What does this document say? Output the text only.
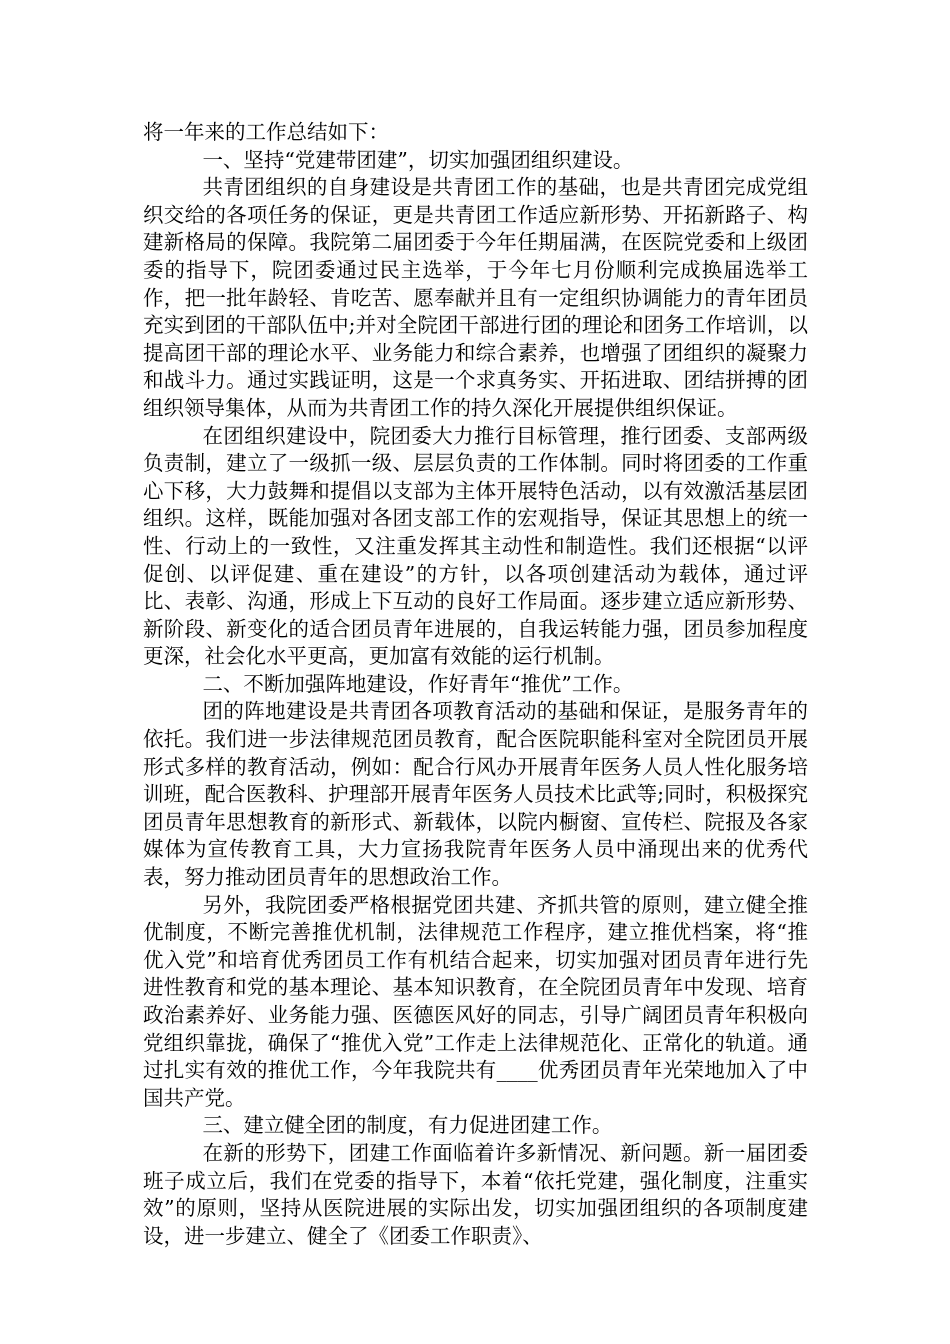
将一年来的工作总结如下：

一、坚持“党建带团建”，切实加强团组织建设。

共青团组织的自身建设是共青团工作的基础，也是共青团完成党组织交给的各项任务的保证，更是共青团工作适应新形势、开拓新路子、构建新格局的保障。我院第二届团委于今年任期届满，在医院党委和上级团委的指导下，院团委通过民主选举，于今年七月份顺利完成换届选举工作，把一批年龄轻、肯吃苦、愿奉献并且有一定组织协调能力的青年团员充实到团的干部队伍中;并对全院团干部进行团的理论和团务工作培训，以提高团干部的理论水平、业务能力和综合素养，也增强了团组织的凝聚力和战斗力。通过实践证明，这是一个求真务实、开拓进取、团结拼搏的团组织领导集体，从而为共青团工作的持久深化开展提供组织保证。

在团组织建设中，院团委大力推行目标管理，推行团委、支部两级负责制，建立了一级抓一级、层层负责的工作体制。同时将团委的工作重心下移，大力鼓舞和提倡以支部为主体开展特色活动，以有效激活基层团组织。这样，既能加强对各团支部工作的宏观指导，保证其思想上的统一性、行动上的一致性，又注重发挥其主动性和制造性。我们还根据“以评促创、以评促建、重在建设”的方针，以各项创建活动为载体，通过评比、表彰、沟通，形成上下互动的良好工作局面。逐步建立适应新形势、新阶段、新变化的适合团员青年进展的，自我运转能力强，团员参加程度更深，社会化水平更高，更加富有效能的运行机制。

二、不断加强阵地建设，作好青年“推优”工作。

团的阵地建设是共青团各项教育活动的基础和保证，是服务青年的依托。我们进一步法律规范团员教育，配合医院职能科室对全院团员开展形式多样的教育活动，例如：配合行风办开展青年医务人员人性化服务培训班，配合医教科、护理部开展青年医务人员技术比武等;同时，积极探究团员青年思想教育的新形式、新载体，以院内橱窗、宣传栏、院报及各家媒体为宣传教育工具，大力宣扬我院青年医务人员中涌现出来的优秀代表，努力推动团员青年的思想政治工作。

另外，我院团委严格根据党团共建、齐抓共管的原则，建立健全推优制度，不断完善推优机制，法律规范工作程序，建立推优档案，将“推优入党”和培育优秀团员工作有机结合起来，切实加强对团员青年进行先进性教育和党的基本理论、基本知识教育，在全院团员青年中发现、培育政治素养好、业务能力强、医德医风好的同志，引导广阔团员青年积极向党组织靠拢，确保了“推优入党”工作走上法律规范化、正常化的轨道。通过扎实有效的推优工作，今年我院共有____优秀团员青年光荣地加入了中国共产党。

三、建立健全团的制度，有力促进团建工作。

在新的形势下，团建工作面临着许多新情况、新问题。新一届团委班子成立后，我们在党委的指导下，本着“依托党建，强化制度，注重实效”的原则，坚持从医院进展的实际出发，切实加强团组织的各项制度建设，进一步建立、健全了《团委工作职责》、
